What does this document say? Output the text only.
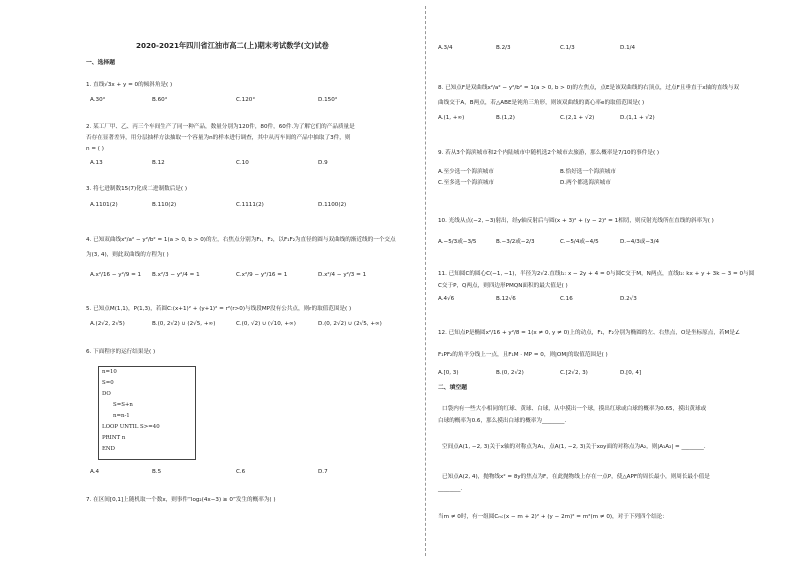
2020-2021年四川省江油市高二(上)期末考试数学(文)试卷
一、选择题
1. 直线√3x + y = 0的倾斜角是( )
A.30°	B.60°	C.120°	D.150°
2. 某工厂甲、乙、丙三个车间生产了同一种产品，数量分别为120件，80件，60件.为了解它们的产品质量是
否存在显著差异，用分层抽样方法抽取一个容量为n的样本进行调查，其中从丙车间的产品中抽取了3件，则
n = ( )
A.13	B.12	C.10	D.9
3. 将七进制数15(7)化成二进制数后是( )
A.1101(2)	B.110(2)	C.1111(2)	D.1100(2)
4. 已知双曲线x²/a² − y²/b² = 1(a > 0, b > 0)的左，右焦点分别为F₁，F₂，以F₁F₂为直径的圆与双曲线的渐近线的一个交点
为(3, 4)，则此双曲线的方程为( )
A.x²/16 − y²/9 = 1 B.x²/3 − y²/4 = 1	C.x²/9 − y²/16 = 1	D.x²/4 − y²/3 = 1
5. 已知点M(1,1)，P(1,3)，若圆C:(x+1)² + (y+1)² = r²(r>0)与线段MP没有公共点，则r的取值范围是( )
A.(2√2, 2√5)	B.(0, 2√2) ∪ (2√5, +∞)	C.(0, √2) ∪ (√10, +∞)	D.(0, 2√2) ∪ (2√5, +∞)
6. 下面程序的运行结果是( )
n=10
S=0
DO
S=S+n
n=n-1
LOOP UNTIL S>=40
PRINT n
END
A.4	B.5	C.6	D.7
7. 在区间[0,1]上随机取一个数x，则事件“log₂(4x−3) ≥ 0”发生的概率为( )
A.3/4	B.2/3	C.1/3	D.1/4
8. 已知点F是双曲线x²/a² − y²/b² = 1(a > 0, b > 0)的左焦点，点E是该双曲线的右顶点，过点F且垂直于x轴的直线与双
曲线交于A，B两点，若△ABE是钝角三角形，则该双曲线的离心率e的取值范围是( )
A.(1, +∞)	B.(1,2)	C.(2,1 + √2)	D.(1,1 + √2)
9. 若从3个海滨城市和2个内陆城市中随机选2个城市去旅游，那么概率是7/10的事件是( )
A.至少选一个海滨城市	B.恰好选一个海滨城市
C.至多选一个海滨城市	D.两个都选海滨城市
10. 光线从点(−2, −3)射出，经y轴反射后与圆(x + 3)² + (y − 2)² = 1相切，则反射光线所在直线的斜率为( )
A.−5/3或−3/5	B.−3/2或−2/3	C.−5/4或−4/5	D.−4/3或−3/4
11. 已知圆C的圆心C(−1, −1)，半径为2√2.直线l₁: x − 2y + 4 = 0与圆C交于M，N两点，直线l₂: kx + y + 3k − 3 = 0与圆
C交于P，Q两点，则四边形PMQN面积的最大值是( )
A.4√6	B.12√6	C.16	D.2√3
12. 已知点P是椭圆x²/16 + y²/8 = 1(x ≠ 0, y ≠ 0)上的动点，F₁，F₂分别为椭圆的左、右焦点，O是坐标原点，若M是∠
F₁PF₂的角平分线上一点，且F₁M · MP = 0，则|OM|的取值范围是( )
A.[0, 3)	B.(0, 2√2)	C.[2√2, 3)	D.[0, 4]
二、填空题
口袋内有一些大小相同的红球、黄球、白球，从中摸出一个球，摸出红球或白球的概率为0.65，摸出黄球或
白球的概率为0.6，那么摸出白球的概率为________.
空间点A(1, −2, 3)关于x轴的对称点为A₁，点A(1, −2, 3)关于xoy面的对称点为A₂，则|A₁A₂| = ________.
已知点A(2, 4)，抛物线x² = 8y的焦点为F，在此抛物线上存在一点P，使△APF的周长最小，则周长最小值是
________.
当m ≠ 0时，有一组圆Cₘ:(x − m + 2)² + (y − 2m)² = m²(m ≠ 0)，对于下列四个结论：
